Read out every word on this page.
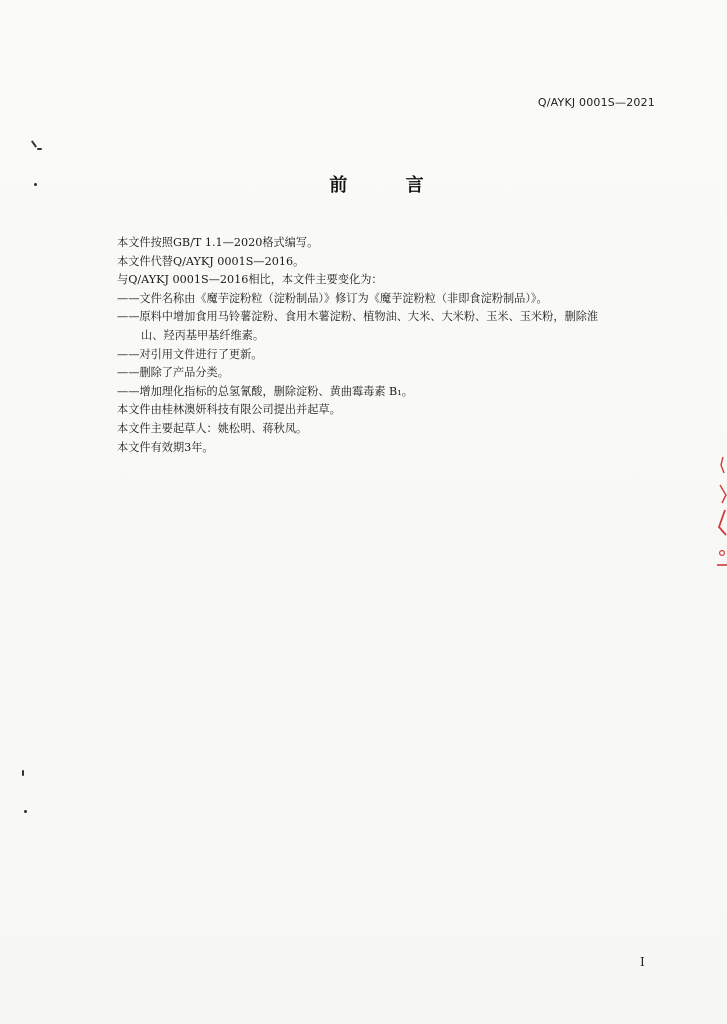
Q/AYKJ 0001S—2021
前 言
本文件按照GB/T 1.1—2020格式编写。
本文件代替Q/AYKJ 0001S—2016。
与Q/AYKJ 0001S—2016相比，本文件主要变化为：
——文件名称由《魔芋淀粉粒（淀粉制品）》修订为《魔芋淀粉粒（非即食淀粉制品）》。
——原料中增加食用马铃薯淀粉、食用木薯淀粉、植物油、大米、大米粉、玉米、玉米粉，删除淮
山、羟丙基甲基纤维素。
——对引用文件进行了更新。
——删除了产品分类。
——增加理化指标的总氢氰酸，删除淀粉、黄曲霉毒素 B₁。
本文件由桂林澳妍科技有限公司提出并起草。
本文件主要起草人：姚松明、蒋秋凤。
本文件有效期3年。
I
